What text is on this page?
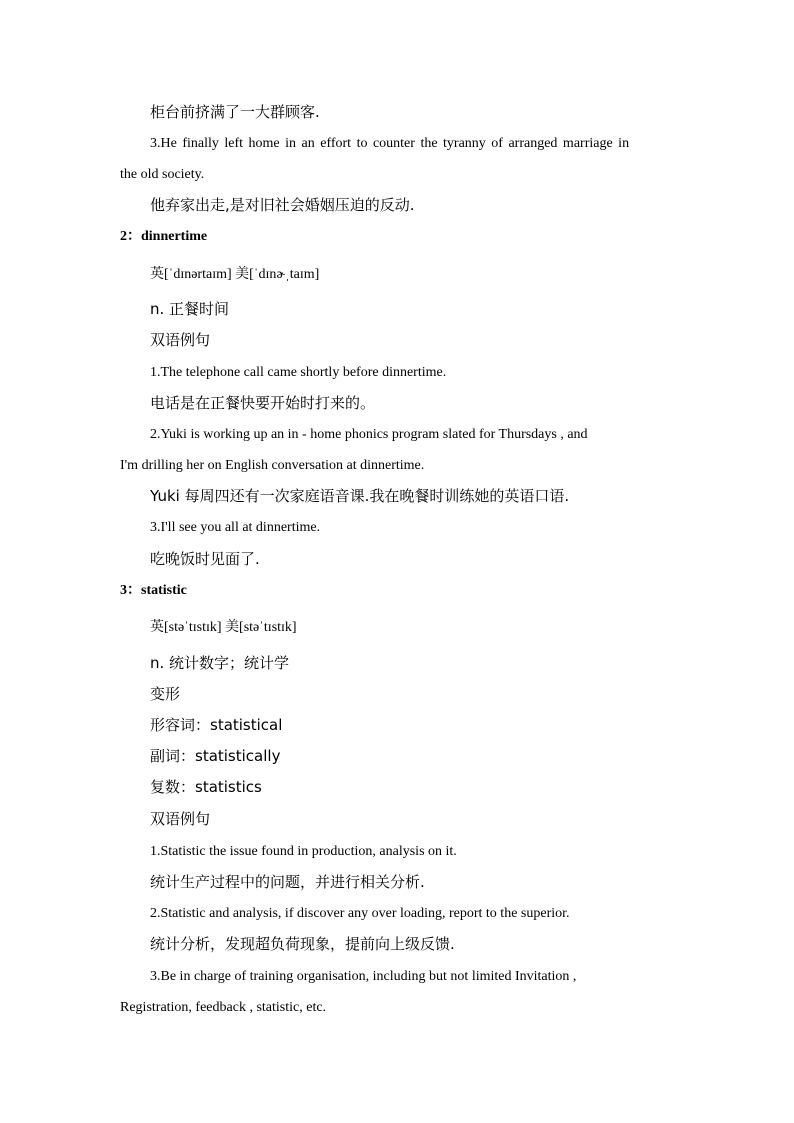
柜台前挤满了一大群顾客.
3.He finally left home in an effort to counter the tyranny of arranged marriage in
the old society.
他弃家出走,是对旧社会婚姻压迫的反动.
2：dinnertime
英[ˈdɪnərtaɪm] 美[ˈdɪnɚˌtaɪm]
n. 正餐时间
双语例句
1.The telephone call came shortly before dinnertime.
电话是在正餐快要开始时打来的。
2.Yuki is working up an in - home phonics program slated for Thursdays , and
I'm drilling her on English conversation at dinnertime.
Yuki 每周四还有一次家庭语音课.我在晚餐时训练她的英语口语.
3.I'll see you all at dinnertime.
吃晚饭时见面了.
3：statistic
英[stəˈtɪstɪk] 美[stəˈtɪstɪk]
n. 统计数字；统计学
变形
形容词：statistical
副词：statistically
复数：statistics
双语例句
1.Statistic the issue found in production, analysis on it.
统计生产过程中的问题，并进行相关分析.
2.Statistic and analysis, if discover any over loading, report to the superior.
统计分析，发现超负荷现象，提前向上级反馈.
3.Be in charge of training organisation, including but not limited Invitation ,
Registration, feedback , statistic, etc.
